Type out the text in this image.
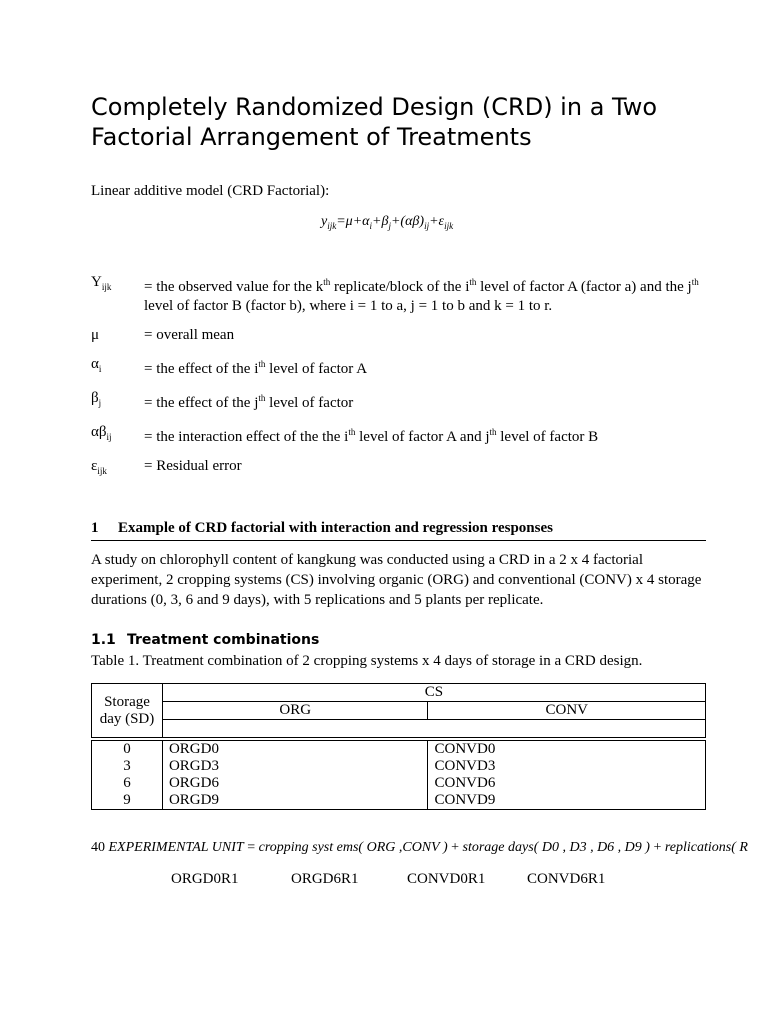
Completely Randomized Design (CRD) in a Two Factorial Arrangement of Treatments
Linear additive model (CRD Factorial):
$y_{ijk}=\mu+\alpha_i+\beta_j+(\alpha\beta)_{ij}+\varepsilon_{ijk}$
$Y_{ijk}$	= the observed value for the $k^{th}$ replicate/block of the $i^{th}$ level of factor A (factor a) and the $j^{th}$ level of factor B (factor b), where i = 1 to a, j = 1 to b and k = 1 to r.
μ	= overall mean
$\alpha_i$	= the effect of the $i^{th}$ level of factor A
$\beta_j$	= the effect of the $j^{th}$ level of factor
$\alpha\beta_{ij}$	= the interaction effect of the the $i^{th}$ level of factor A and $j^{th}$ level of factor B
$\varepsilon_{ijk}$	= Residual error
1 Example of CRD factorial with interaction and regression responses
A study on chlorophyll content of kangkung was conducted using a CRD in a 2 x 4 factorial experiment, 2 cropping systems (CS) involving organic (ORG) and conventional (CONV) x 4 storage durations (0, 3, 6 and 9 days), with 5 replications and 5 plants per replicate.
1.1 Treatment combinations
Table 1. Treatment combination of 2 cropping systems x 4 days of storage in a CRD design.
Storage day (SD)	CS	
	ORG	CONV

0	ORGD0	CONVD0
3	ORGD3	CONVD3
6	ORGD6	CONVD6
9	ORGD9	CONVD9
40 EXPERIMENTAL UNIT = cropping syst ems( ORG ,CONV ) + storage days( D0 , D3 , D6 , D9 ) + replications( R
ORGD0R1	ORGD6R1	CONVD0R1	CONVD6R1
